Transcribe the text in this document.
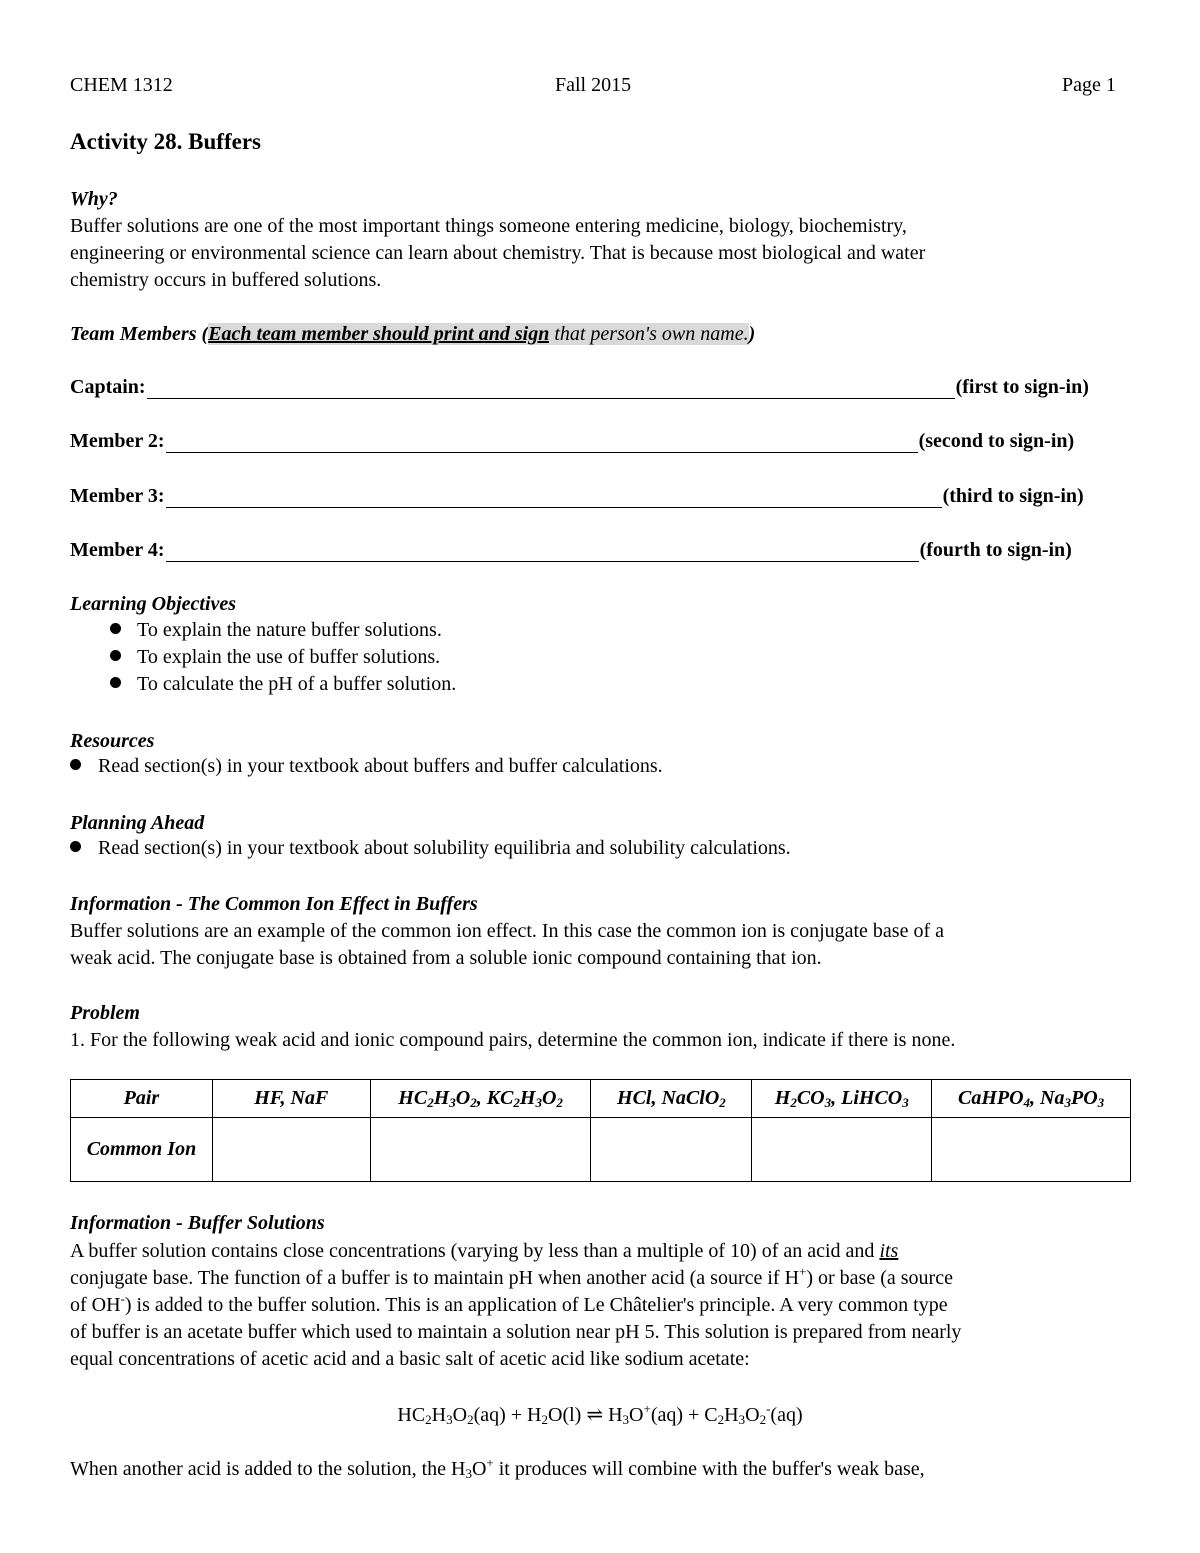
CHEM 1312	Fall 2015	Page 1
Activity 28. Buffers

Why?

Buffer solutions are one of the most important things someone entering medicine, biology, biochemistry,

engineering or environmental science can learn about chemistry. That is because most biological and water

chemistry occurs in buffered solutions.

Team Members (Each team member should print and sign that person's own name.)

Captain:	(first to sign-in)
Member 2:	(second to sign-in)
Member 3:	(third to sign-in)
Member 4:	(fourth to sign-in)

Learning Objectives

To explain the nature buffer solutions.
To explain the use of buffer solutions.
To calculate the pH of a buffer solution.

Resources

Read section(s) in your textbook about buffers and buffer calculations.

Planning Ahead

Read section(s) in your textbook about solubility equilibria and solubility calculations.

Information - The Common Ion Effect in Buffers

Buffer solutions are an example of the common ion effect. In this case the common ion is conjugate base of a

weak acid. The conjugate base is obtained from a soluble ionic compound containing that ion.

Problem

1. For the following weak acid and ionic compound pairs, determine the common ion, indicate if there is none.

Pair	HF, NaF	$HC_2H_3O_2$, $KC_2H_3O_2$	HCl, NaClO$_2$	$H_2CO_3$, LiHCO$_3$	CaHPO$_4$, $Na_3PO_3$
Common Ion					

Information - Buffer Solutions

A buffer solution contains close concentrations (varying by less than a multiple of 10) of an acid and its

conjugate base. The function of a buffer is to maintain pH when another acid (a source if H+) or base (a source

of OH-) is added to the buffer solution. This is an application of Le Châtelier's principle. A very common type

of buffer is an acetate buffer which used to maintain a solution near pH 5. This solution is prepared from nearly

equal concentrations of acetic acid and a basic salt of acetic acid like sodium acetate:

$HC_2H_3O_2(aq) + H_2O(l)$ ⇌ $H_3O^+(aq) + C_2H_3O_2^-(aq)$

When another acid is added to the solution, the $H_3O^+$ it produces will combine with the buffer's weak base,
